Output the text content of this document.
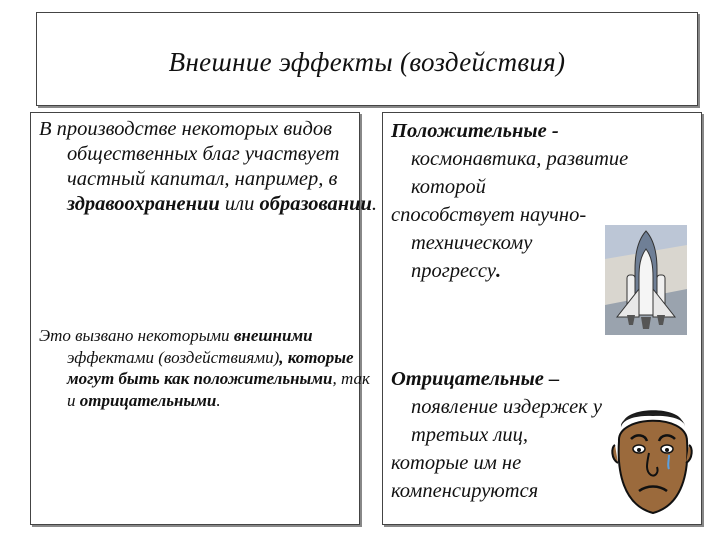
Внешние эффекты (воздействия)

В производстве некоторых видов общественных благ участвует частный капитал, например, в здравоохранении или образовании.

Это вызвано некоторыми внешними эффектами (воздействиями), которые могут быть как положительными, так и отрицательными.

Положительные -
космонавтика, развитие
которой
способствует научно-
техническому
прогрессу.
Отрицательные –
появление издержек у
третьих лиц,
которые им не
компенсируются
